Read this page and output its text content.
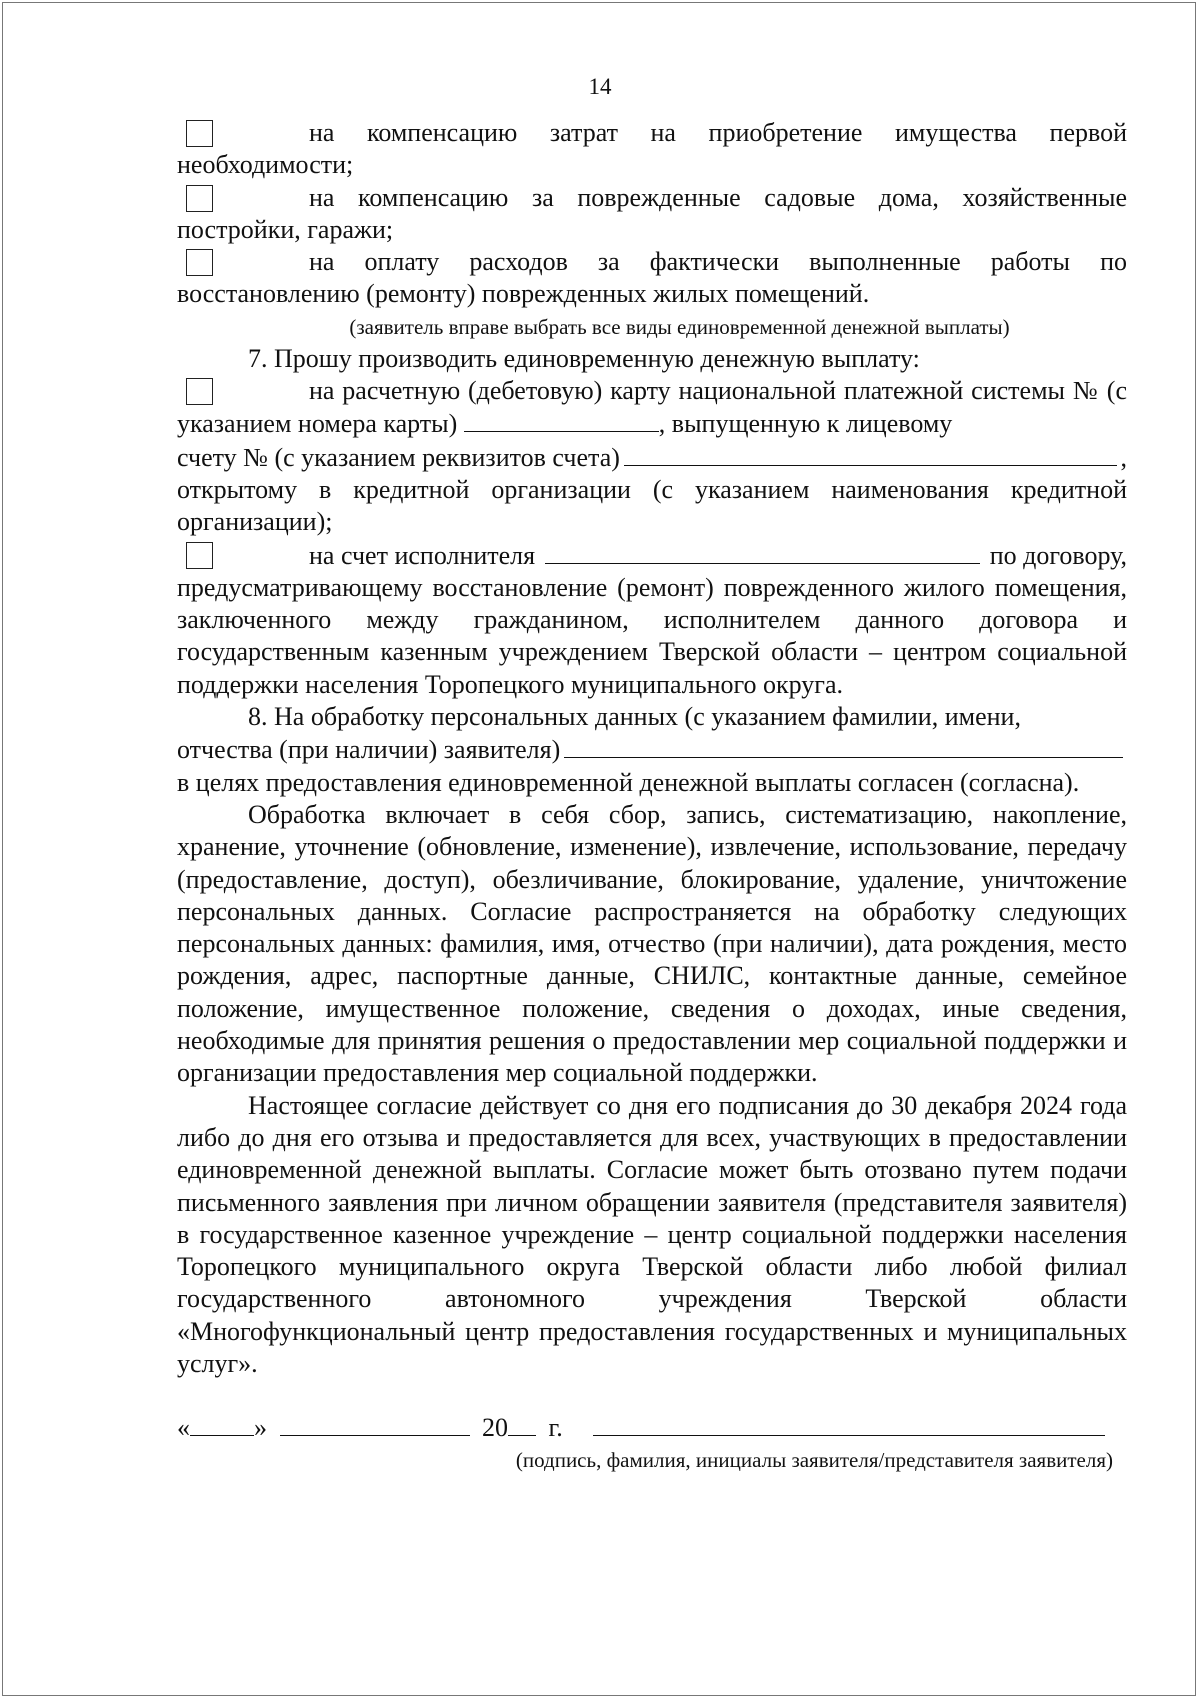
14

на компенсацию затрат на приобретение имущества первой необходимости;

на компенсацию за поврежденные садовые дома, хозяйственные постройки, гаражи;

на оплату расходов за фактически выполненные работы по восстановлению (ремонту) поврежденных жилых помещений.

(заявитель вправе выбрать все виды единовременной денежной выплаты)

7. Прошу производить единовременную денежную выплату:

на расчетную (дебетовую) карту национальной платежной системы № (с указанием номера карты)	, выпущенную к лицевому

счету № (с указанием реквизитов счета)	,

открытому в кредитной организации (с указанием наименования кредитной организации);

на счет исполнителя	по договору,

предусматривающему восстановление (ремонт) поврежденного жилого помещения, заключенного между гражданином, исполнителем данного договора и государственным казенным учреждением Тверской области – центром социальной поддержки населения Торопецкого муниципального округа.

8. На обработку персональных данных (с указанием фамилии, имени,

отчества (при наличии) заявителя)

в целях предоставления единовременной денежной выплаты согласен (согласна).

Обработка включает в себя сбор, запись, систематизацию, накопление, хранение, уточнение (обновление, изменение), извлечение, использование, передачу (предоставление, доступ), обезличивание, блокирование, удаление, уничтожение персональных данных. Согласие распространяется на обработку следующих персональных данных: фамилия, имя, отчество (при наличии), дата рождения, место рождения, адрес, паспортные данные, СНИЛС, контактные данные, семейное положение, имущественное положение, сведения о доходах, иные сведения, необходимые для принятия решения о предоставлении мер социальной поддержки и организации предоставления мер социальной поддержки.

Настоящее согласие действует со дня его подписания до 30 декабря 2024 года либо до дня его отзыва и предоставляется для всех, участвующих в предоставлении единовременной денежной выплаты. Согласие может быть отозвано путем подачи письменного заявления при личном обращении заявителя (представителя заявителя) в государственное казенное учреждение – центр социальной поддержки населения Торопецкого муниципального округа Тверской области либо любой филиал государственного автономного учреждения Тверской области «Многофункциональный центр предоставления государственных и муниципальных услуг».

« »	20 г.

(подпись, фамилия, инициалы заявителя/представителя заявителя)
